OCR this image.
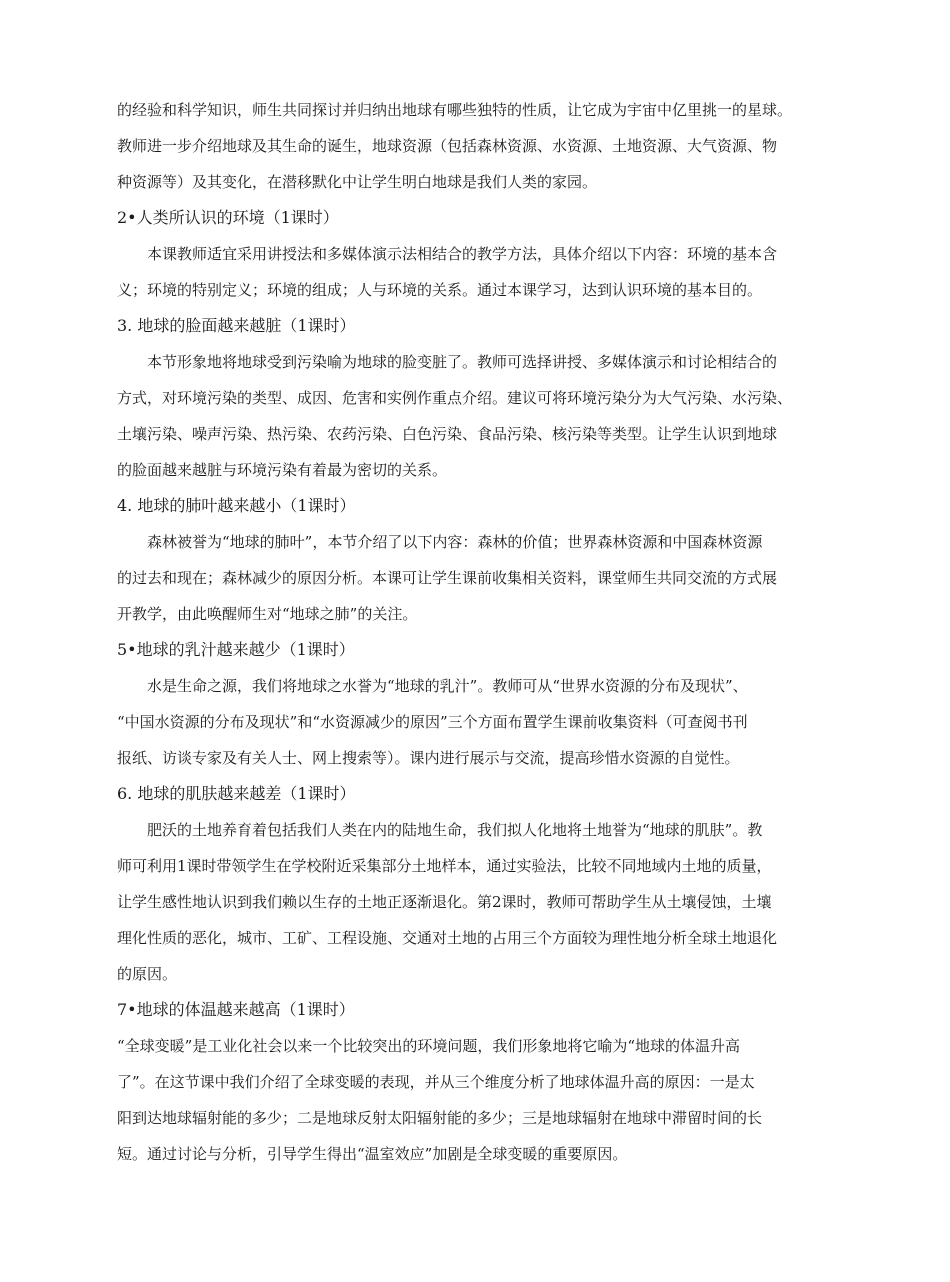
的经验和科学知识，师生共同探讨并归纳出地球有哪些独特的性质，让它成为宇宙中亿里挑一的星球。
教师进一步介绍地球及其生命的诞生，地球资源（包括森林资源、水资源、土地资源、大气资源、物
种资源等）及其变化，在潜移默化中让学生明白地球是我们人类的家园。
2•人类所认识的环境（1课时）
本课教师适宜采用讲授法和多媒体演示法相结合的教学方法，具体介绍以下内容：环境的基本含
义；环境的特别定义；环境的组成；人与环境的关系。通过本课学习，达到认识环境的基本目的。
3. 地球的脸面越来越脏（1课时）
本节形象地将地球受到污染喻为地球的脸变脏了。教师可选择讲授、多媒体演示和讨论相结合的
方式，对环境污染的类型、成因、危害和实例作重点介绍。建议可将环境污染分为大气污染、水污染、
土壤污染、噪声污染、热污染、农药污染、白色污染、食品污染、核污染等类型。让学生认识到地球
的脸面越来越脏与环境污染有着最为密切的关系。
4. 地球的肺叶越来越小（1课时）
森林被誉为“地球的肺叶”，本节介绍了以下内容：森林的价值；世界森林资源和中国森林资源
的过去和现在；森林减少的原因分析。本课可让学生课前收集相关资料，课堂师生共同交流的方式展
开教学，由此唤醒师生对“地球之肺”的关注。
5•地球的乳汁越来越少（1课时）
水是生命之源，我们将地球之水誉为“地球的乳汁”。教师可从“世界水资源的分布及现状”、
“中国水资源的分布及现状”和“水资源减少的原因”三个方面布置学生课前收集资料（可查阅书刊
报纸、访谈专家及有关人士、网上搜索等）。课内进行展示与交流，提高珍惜水资源的自觉性。
6. 地球的肌肤越来越差（1课时）
肥沃的土地养育着包括我们人类在内的陆地生命，我们拟人化地将土地誉为“地球的肌肤”。教
师可利用1课时带领学生在学校附近采集部分土地样本，通过实验法，比较不同地域内土地的质量，
让学生感性地认识到我们赖以生存的土地正逐渐退化。第2课时，教师可帮助学生从土壤侵蚀，土壤
理化性质的恶化，城市、工矿、工程设施、交通对土地的占用三个方面较为理性地分析全球土地退化
的原因。
7•地球的体温越来越高（1课时）
“全球变暖”是工业化社会以来一个比较突出的环境问题，我们形象地将它喻为“地球的体温升高
了”。在这节课中我们介绍了全球变暖的表现，并从三个维度分析了地球体温升高的原因：一是太
阳到达地球辐射能的多少；二是地球反射太阳辐射能的多少；三是地球辐射在地球中滞留时间的长
短。通过讨论与分析，引导学生得出“温室效应”加剧是全球变暖的重要原因。
